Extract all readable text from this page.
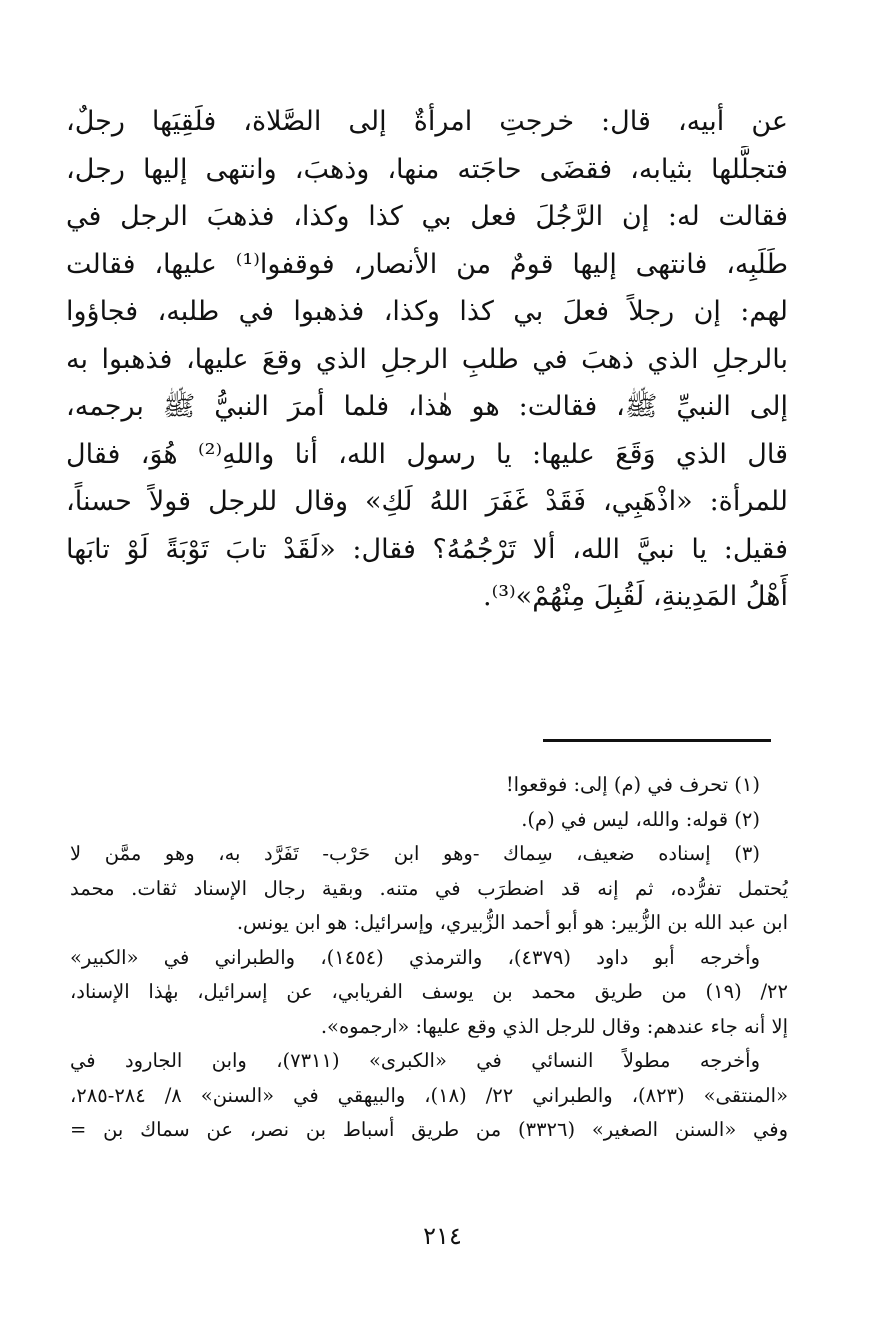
عن أبيه، قال: خرجتِ امرأةٌ إلى الصَّلاة، فلَقِيَها رجلٌ،
فتجلَّلها بثيابه، فقضَى حاجَته منها، وذهبَ، وانتهى إليها رجل،
فقالت له: إن الرَّجُلَ فعل بي كذا وكذا، فذهبَ الرجل في
طَلَبِه، فانتهى إليها قومٌ من الأنصار، فوقفوا⁽¹⁾ عليها، فقالت
لهم: إن رجلاً فعلَ بي كذا وكذا، فذهبوا في طلبه، فجاؤوا
بالرجلِ الذي ذهبَ في طلبِ الرجلِ الذي وقعَ عليها، فذهبوا به
إلى النبيِّ ﷺ، فقالت: هو هٰذا، فلما أمرَ النبيُّ ﷺ برجمه،
قال الذي وَقَعَ عليها: يا رسول الله، أنا واللهِ⁽²⁾ هُوَ، فقال
للمرأة: «اذْهَبِي، فَقَدْ غَفَرَ اللهُ لَكِ» وقال للرجل قولاً حسناً،
فقيل: يا نبيَّ الله، ألا تَرْجُمُهُ؟ فقال: «لَقَدْ تابَ تَوْبَةً لَوْ تابَها
أَهْلُ المَدِينةِ، لَقُبِلَ مِنْهُمْ»⁽³⁾.
(١) تحرف في (م) إلى: فوقعوا!
(٢) قوله: والله، ليس في (م).
(٣) إسناده ضعيف، سِماك -وهو ابن حَرْب- تَفَرَّد به، وهو ممَّن لا
يُحتمل تفرُّده، ثم إنه قد اضطرَب في متنه. وبقية رجال الإسناد ثقات. محمد
ابن عبد الله بن الزُّبير: هو أبو أحمد الزُّبيري، وإسرائيل: هو ابن يونس.
وأخرجه أبو داود (٤٣٧٩)، والترمذي (١٤٥٤)، والطبراني في «الكبير»
٢٢/ (١٩) من طريق محمد بن يوسف الفريابي، عن إسرائيل، بهٰذا الإسناد،
إلا أنه جاء عندهم: وقال للرجل الذي وقع عليها: «ارجموه».
وأخرجه مطولاً النسائي في «الكبرى» (٧٣١١)، وابن الجارود في
«المنتقى» (٨٢٣)، والطبراني ٢٢/ (١٨)، والبيهقي في «السنن» ٨/ ٢٨٤-٢٨٥،
وفي «السنن الصغير» (٣٣٢٦) من طريق أسباط بن نصر، عن سماك بن =
٢١٤
